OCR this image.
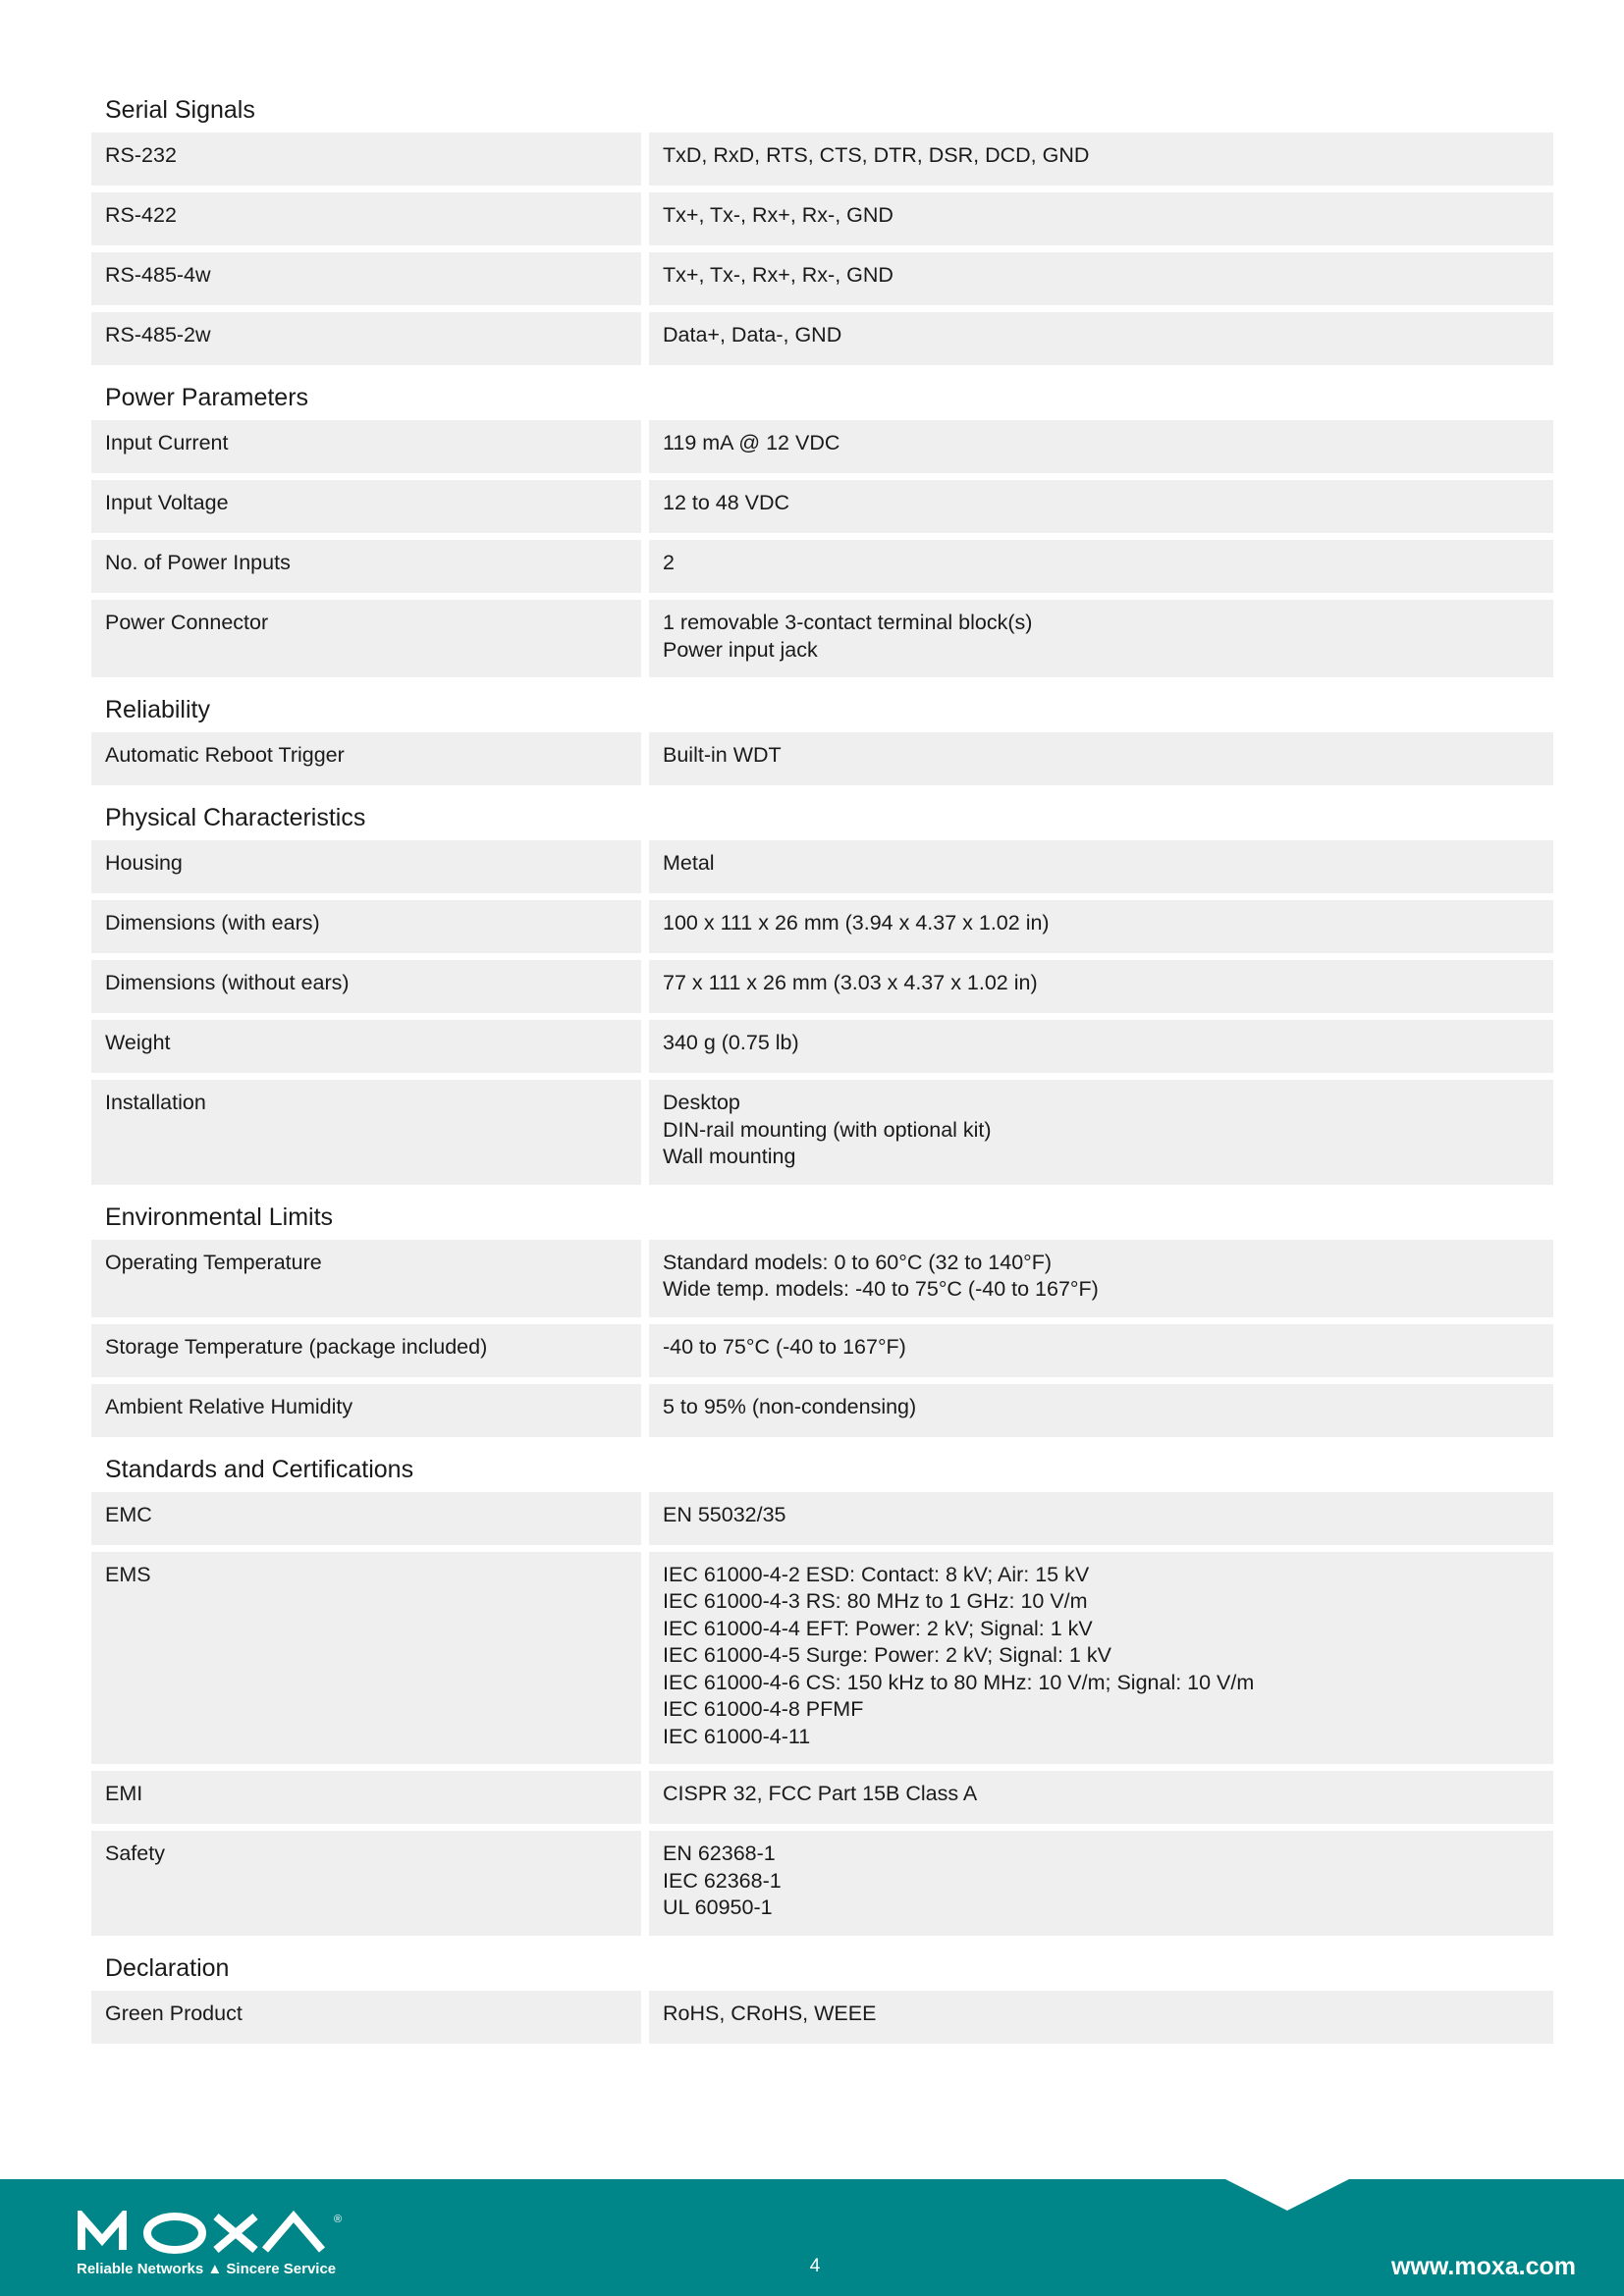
Serial Signals
RS-232	TxD, RxD, RTS, CTS, DTR, DSR, DCD, GND
RS-422	Tx+, Tx-, Rx+, Rx-, GND
RS-485-4w	Tx+, Tx-, Rx+, Rx-, GND
RS-485-2w	Data+, Data-, GND
Power Parameters
Input Current	119 mA @ 12 VDC
Input Voltage	12 to 48 VDC
No. of Power Inputs	2
Power Connector	1 removable 3-contact terminal block(s)
Power input jack
Reliability
Automatic Reboot Trigger	Built-in WDT
Physical Characteristics
Housing	Metal
Dimensions (with ears)	100 x 111 x 26 mm (3.94 x 4.37 x 1.02 in)
Dimensions (without ears)	77 x 111 x 26 mm (3.03 x 4.37 x 1.02 in)
Weight	340 g (0.75 lb)
Installation	Desktop
DIN-rail mounting (with optional kit)
Wall mounting
Environmental Limits
Operating Temperature	Standard models: 0 to 60°C (32 to 140°F)
Wide temp. models: -40 to 75°C (-40 to 167°F)
Storage Temperature (package included)	-40 to 75°C (-40 to 167°F)
Ambient Relative Humidity	5 to 95% (non-condensing)
Standards and Certifications
EMC	EN 55032/35
EMS	IEC 61000-4-2 ESD: Contact: 8 kV; Air: 15 kV
IEC 61000-4-3 RS: 80 MHz to 1 GHz: 10 V/m
IEC 61000-4-4 EFT: Power: 2 kV; Signal: 1 kV
IEC 61000-4-5 Surge: Power: 2 kV; Signal: 1 kV
IEC 61000-4-6 CS: 150 kHz to 80 MHz: 10 V/m; Signal: 10 V/m
IEC 61000-4-8 PFMF
IEC 61000-4-11
EMI	CISPR 32, FCC Part 15B Class A
Safety	EN 62368-1
IEC 62368-1
UL 60950-1
Declaration
Green Product	RoHS, CRoHS, WEEE
®
Reliable Networks ▲ Sincere Service	4	www.moxa.com
